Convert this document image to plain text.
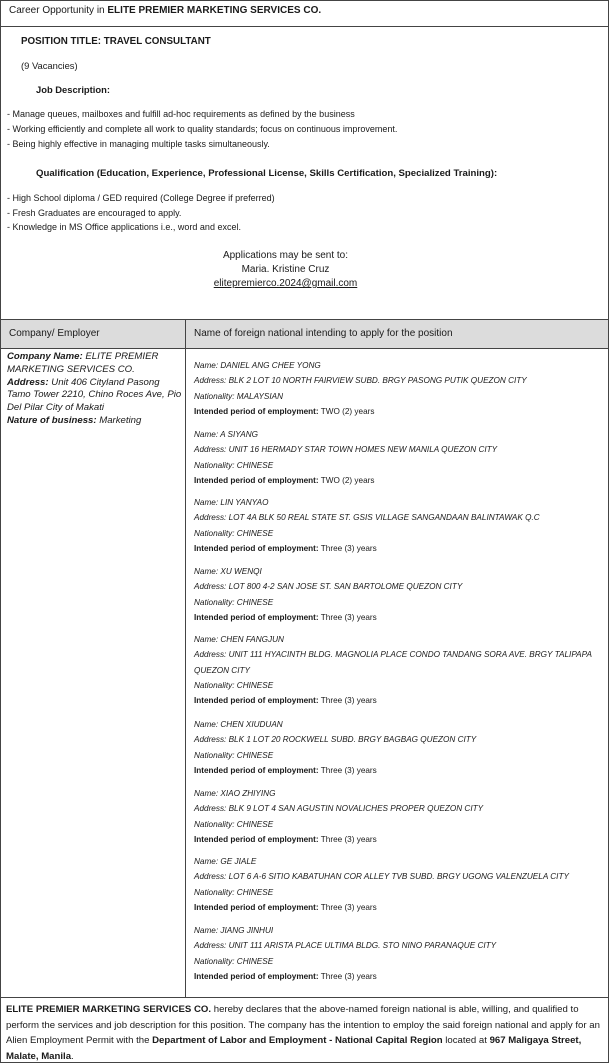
Career Opportunity in ELITE PREMIER MARKETING SERVICES CO.
POSITION TITLE: TRAVEL CONSULTANT
(9 Vacancies)
Job Description:
- Manage queues, mailboxes and fulfill ad-hoc requirements as defined by the business
- Working efficiently and complete all work to quality standards; focus on continuous improvement.
- Being highly effective in managing multiple tasks simultaneously.
Qualification (Education, Experience, Professional License, Skills Certification, Specialized Training):
- High School diploma / GED required (College Degree if preferred)
- Fresh Graduates are encouraged to apply.
- Knowledge in MS Office applications i.e., word and excel.
Applications may be sent to:
Maria. Kristine Cruz
elitepremierco.2024@gmail.com
Company/ Employer	Name of foreign national intending to apply for the position
Company Name: ELITE PREMIER MARKETING SERVICES CO.
Address: Unit 406 Cityland Pasong Tamo Tower 2210, Chino Roces Ave, Pio Del Pilar City of Makati
Nature of business: Marketing
Name: DANIEL ANG CHEE YONG
Address: BLK 2 LOT 10 NORTH FAIRVIEW SUBD. BRGY PASONG PUTIK QUEZON CITY
Nationality: MALAYSIAN
Intended period of employment: TWO (2) years
Name: A SIYANG
Address: UNIT 16 HERMADY STAR TOWN HOMES NEW MANILA QUEZON CITY
Nationality: CHINESE
Intended period of employment: TWO (2) years
Name: LIN YANYAO
Address: LOT 4A BLK 50 REAL STATE ST. GSIS VILLAGE SANGANDAAN BALINTAWAK Q.C
Nationality: CHINESE
Intended period of employment: Three (3) years
Name: XU WENQI
Address: LOT 800 4-2 SAN JOSE ST. SAN BARTOLOME QUEZON CITY
Nationality: CHINESE
Intended period of employment: Three (3) years
Name: CHEN FANGJUN
Address: UNIT 111 HYACINTH BLDG. MAGNOLIA PLACE CONDO TANDANG SORA AVE. BRGY TALIPAPA QUEZON CITY
Nationality: CHINESE
Intended period of employment: Three (3) years
Name: CHEN XIUDUAN
Address: BLK 1 LOT 20 ROCKWELL SUBD. BRGY BAGBAG QUEZON CITY
Nationality: CHINESE
Intended period of employment: Three (3) years
Name: XIAO ZHIYING
Address: BLK 9 LOT 4 SAN AGUSTIN NOVALICHES PROPER QUEZON CITY
Nationality: CHINESE
Intended period of employment: Three (3) years
Name: GE JIALE
Address: LOT 6 A-6 SITIO KABATUHAN COR ALLEY TVB SUBD. BRGY UGONG VALENZUELA CITY
Nationality: CHINESE
Intended period of employment: Three (3) years
Name: JIANG JINHUI
Address: UNIT 111 ARISTA PLACE ULTIMA BLDG. STO NINO PARANAQUE CITY
Nationality: CHINESE
Intended period of employment: Three (3) years
ELITE PREMIER MARKETING SERVICES CO. hereby declares that the above-named foreign national is able, willing, and qualified to perform the services and job description for this position. The company has the intention to employ the said foreign national and apply for an Alien Employment Permit with the Department of Labor and Employment - National Capital Region located at 967 Maligaya Street, Malate, Manila.
